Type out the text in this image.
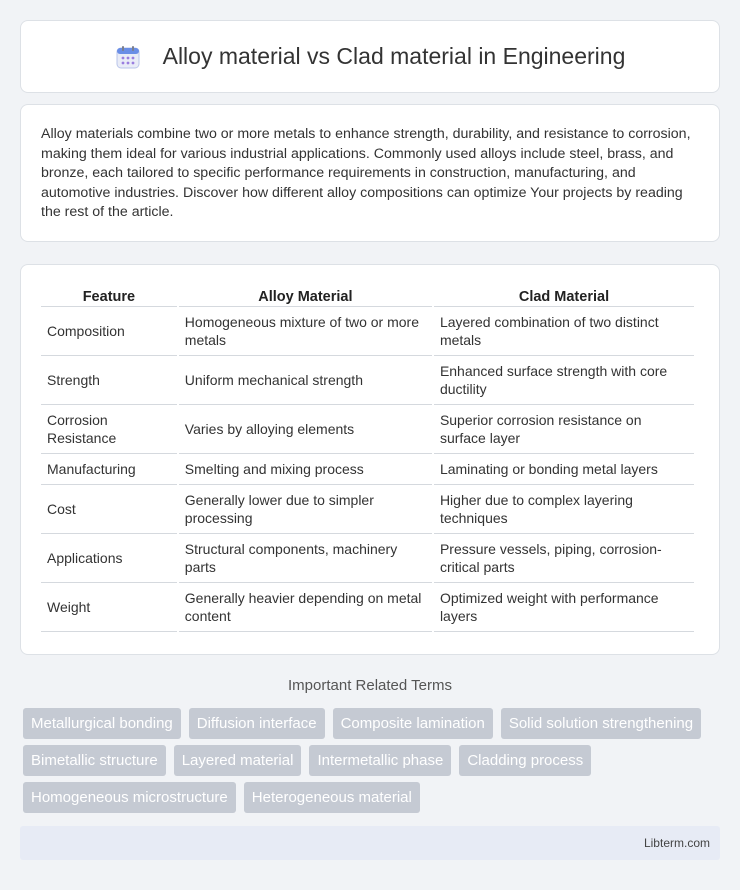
Alloy material vs Clad material in Engineering

Alloy materials combine two or more metals to enhance strength, durability, and resistance to corrosion, making them ideal for various industrial applications. Commonly used alloys include steel, brass, and bronze, each tailored to specific performance requirements in construction, manufacturing, and automotive industries. Discover how different alloy compositions can optimize Your projects by reading the rest of the article.

Feature	Alloy Material	Clad Material
Composition	Homogeneous mixture of two or more metals	Layered combination of two distinct metals
Strength	Uniform mechanical strength	Enhanced surface strength with core ductility
Corrosion Resistance	Varies by alloying elements	Superior corrosion resistance on surface layer
Manufacturing	Smelting and mixing process	Laminating or bonding metal layers
Cost	Generally lower due to simpler processing	Higher due to complex layering techniques
Applications	Structural components, machinery parts	Pressure vessels, piping, corrosion-critical parts
Weight	Generally heavier depending on metal content	Optimized weight with performance layers
Important Related Terms
Metallurgical bonding	Diffusion interface	Composite lamination	Solid solution strengthening
Bimetallic structure	Layered material	Intermetallic phase	Cladding process
Homogeneous microstructure	Heterogeneous material
Libterm.com
